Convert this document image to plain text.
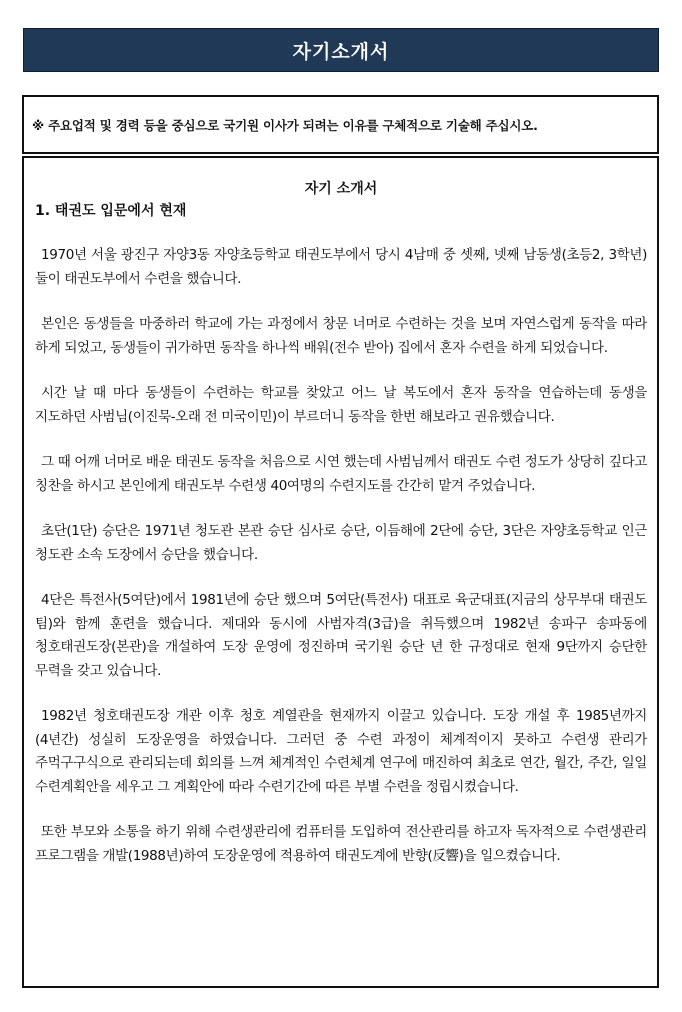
자기소개서
※ 주요업적 및 경력 등을 중심으로 국기원 이사가 되려는 이유를 구체적으로 기술해 주십시오.

자기 소개서

1. 태권도 입문에서 현재

1970년 서울 광진구 자양3동 자양초등학교 태권도부에서 당시 4남매 중 셋째, 넷째 남동생(초등2, 3학년) 둘이 태권도부에서 수련을 했습니다.

본인은 동생들을 마중하러 학교에 가는 과정에서 창문 너머로 수련하는 것을 보며 자연스럽게 동작을 따라 하게 되었고, 동생들이 귀가하면 동작을 하나씩 배워(전수 받아) 집에서 혼자 수련을 하게 되었습니다.

시간 날 때 마다 동생들이 수련하는 학교를 찾았고 어느 날 복도에서 혼자 동작을 연습하는데 동생을 지도하던 사범님(이진묵-오래 전 미국이민)이 부르더니 동작을 한번 해보라고 권유했습니다.

그 때 어깨 너머로 배운 태권도 동작을 처음으로 시연 했는데 사범님께서 태권도 수련 정도가 상당히 깊다고 칭찬을 하시고 본인에게 태권도부 수련생 40여명의 수련지도를 간간히 맡겨 주었습니다.

초단(1단) 승단은 1971년 청도관 본관 승단 심사로 승단, 이듬해에 2단에 승단, 3단은 자양초등학교 인근 청도관 소속 도장에서 승단을 했습니다.

4단은 특전사(5여단)에서 1981년에 승단 했으며 5여단(특전사) 대표로 육군대표(지금의 상무부대 태권도 팀)와 함께 훈련을 했습니다. 제대와 동시에 사범자격(3급)을 취득했으며 1982년 송파구 송파동에 청호태권도장(본관)을 개설하여 도장 운영에 정진하며 국기원 승단 년 한 규정대로 현재 9단까지 승단한 무력을 갖고 있습니다.

1982년 청호태권도장 개관 이후 청호 계열관을 현재까지 이끌고 있습니다. 도장 개설 후 1985년까지(4년간) 성실히 도장운영을 하였습니다. 그러던 중 수련 과정이 체계적이지 못하고 수련생 관리가 주먹구구식으로 관리되는데 회의를 느껴 체계적인 수련체계 연구에 매진하여 최초로 연간, 월간, 주간, 일일 수련계획안을 세우고 그 계획안에 따라 수련기간에 따른 부별 수련을 정립시켰습니다.

또한 부모와 소통을 하기 위해 수련생관리에 컴퓨터를 도입하여 전산관리를 하고자 독자적으로 수련생관리 프로그램을 개발(1988년)하여 도장운영에 적용하여 태권도계에 반향(反響)을 일으켰습니다.
